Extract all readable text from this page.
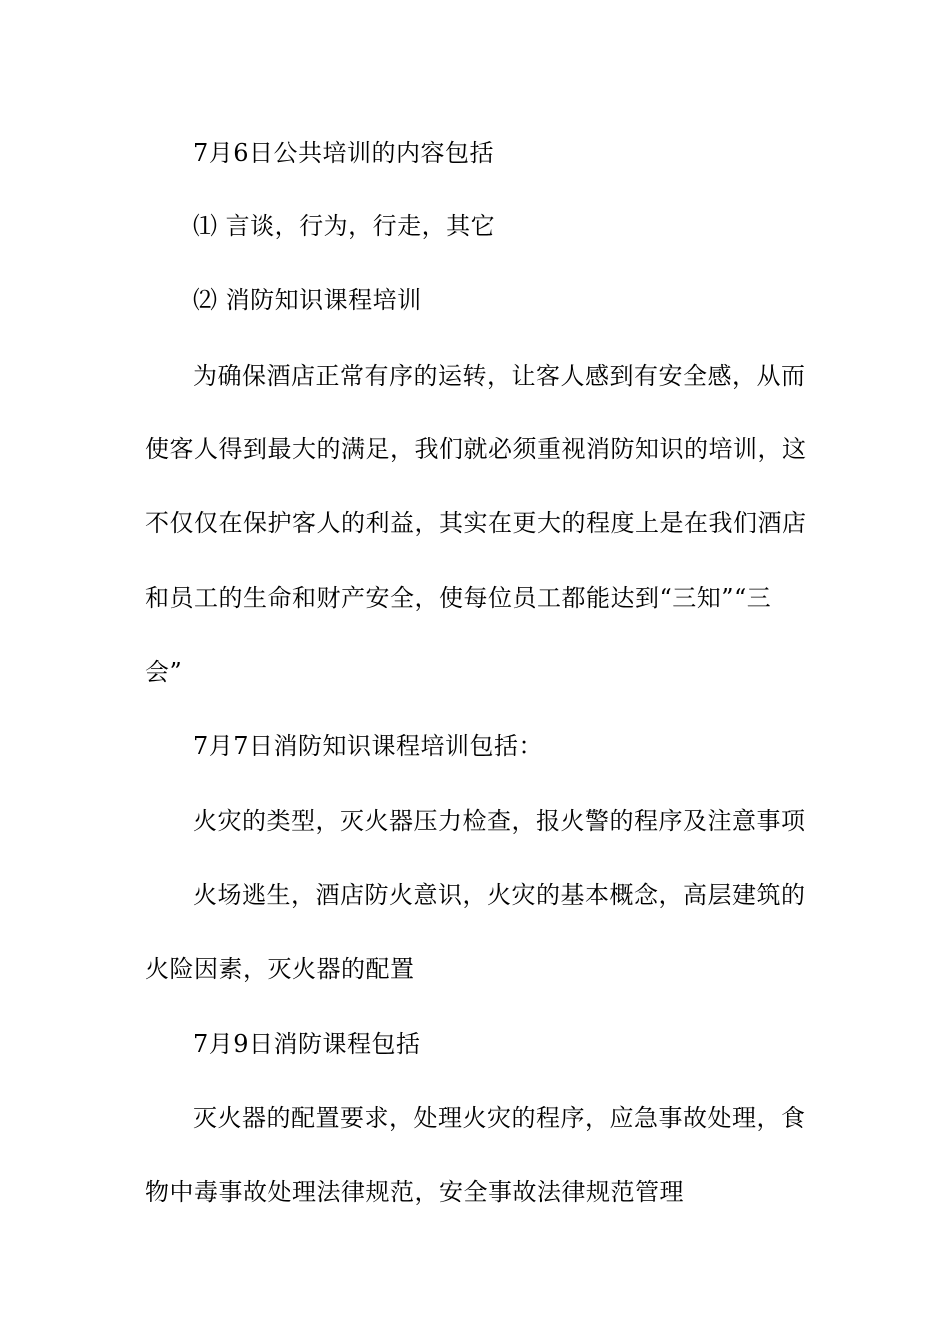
7月6日公共培训的内容包括
⑴ 言谈，行为，行走，其它
⑵ 消防知识课程培训
为确保酒店正常有序的运转，让客人感到有安全感，从而
使客人得到最大的满足，我们就必须重视消防知识的培训，这
不仅仅在保护客人的利益，其实在更大的程度上是在我们酒店
和员工的生命和财产安全，使每位员工都能达到“三知”“三
会”
7月7日消防知识课程培训包括：
火灾的类型，灭火器压力检查，报火警的程序及注意事项
火场逃生，酒店防火意识，火灾的基本概念，高层建筑的
火险因素，灭火器的配置
7月9日消防课程包括
灭火器的配置要求，处理火灾的程序，应急事故处理，食
物中毒事故处理法律规范，安全事故法律规范管理
